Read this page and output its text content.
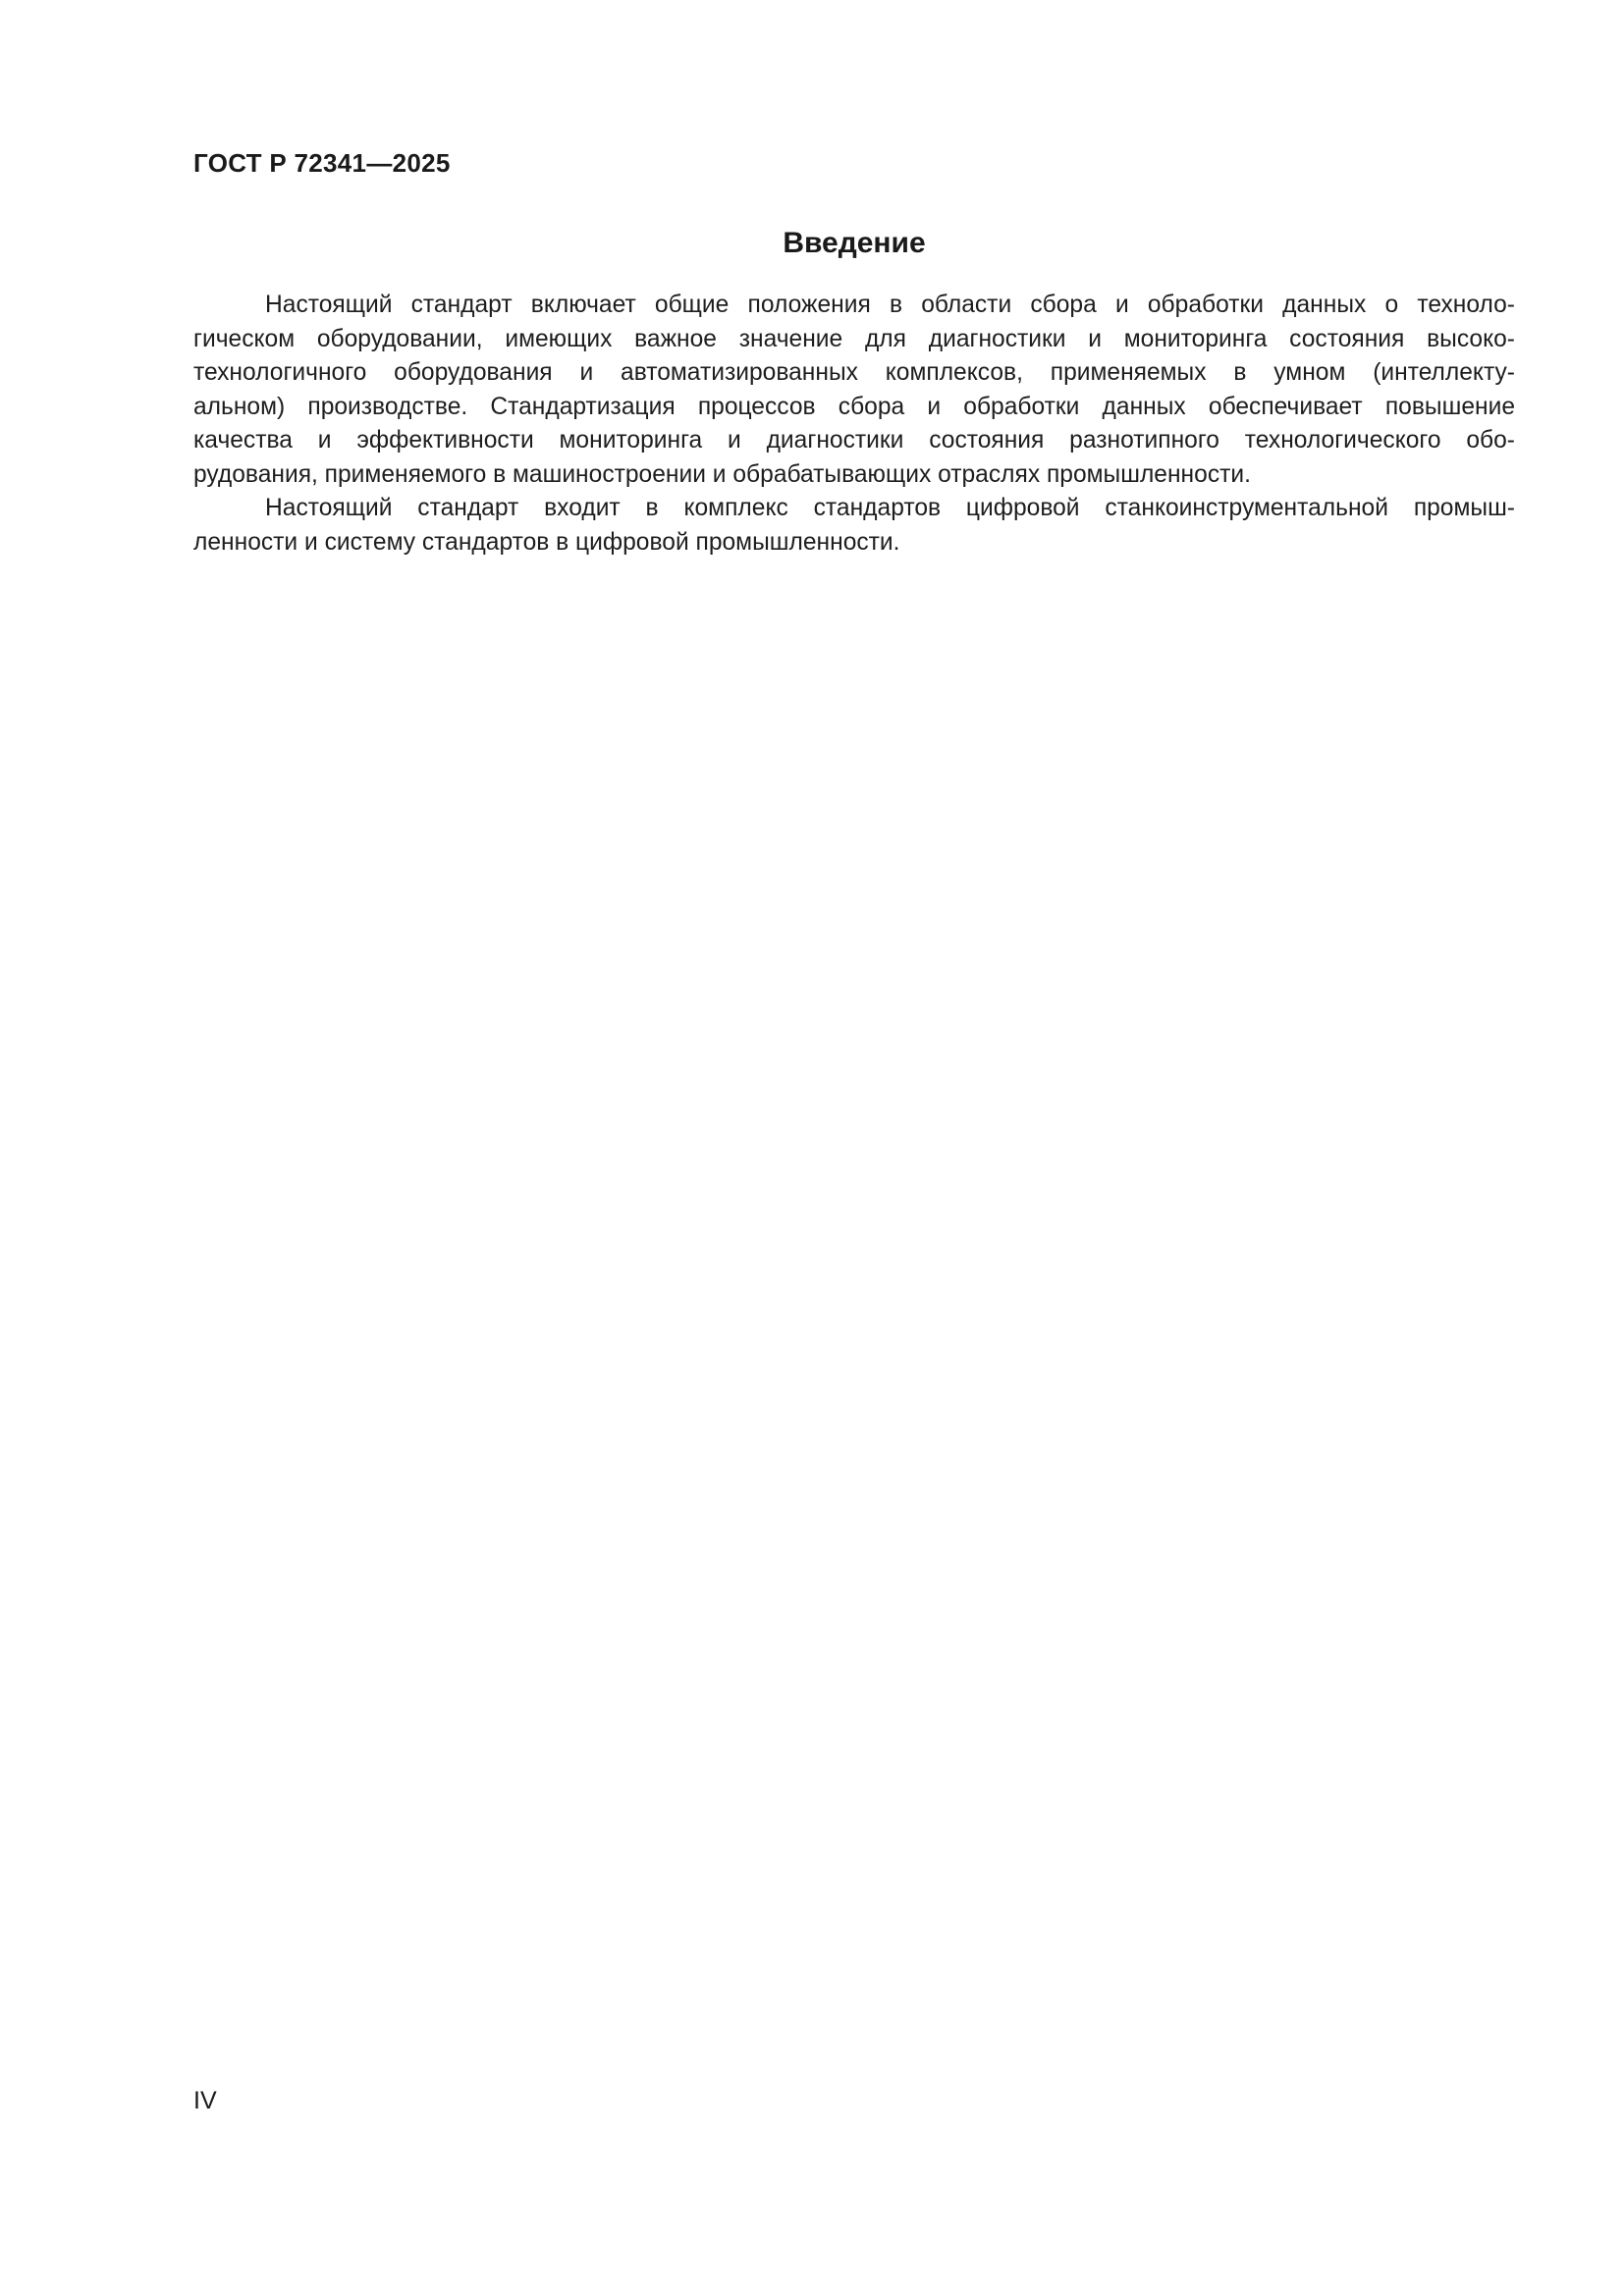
ГОСТ Р 72341—2025
Введение
Настоящий стандарт включает общие положения в области сбора и обработки данных о техноло-
гическом оборудовании, имеющих важное значение для диагностики и мониторинга состояния высоко-
технологичного оборудования и автоматизированных комплексов, применяемых в умном (интеллекту-
альном) производстве. Стандартизация процессов сбора и обработки данных обеспечивает повышение
качества и эффективности мониторинга и диагностики состояния разнотипного технологического обо-
рудования, применяемого в машиностроении и обрабатывающих отраслях промышленности.
Настоящий стандарт входит в комплекс стандартов цифровой станкоинструментальной промыш-
ленности и систему стандартов в цифровой промышленности.
IV
